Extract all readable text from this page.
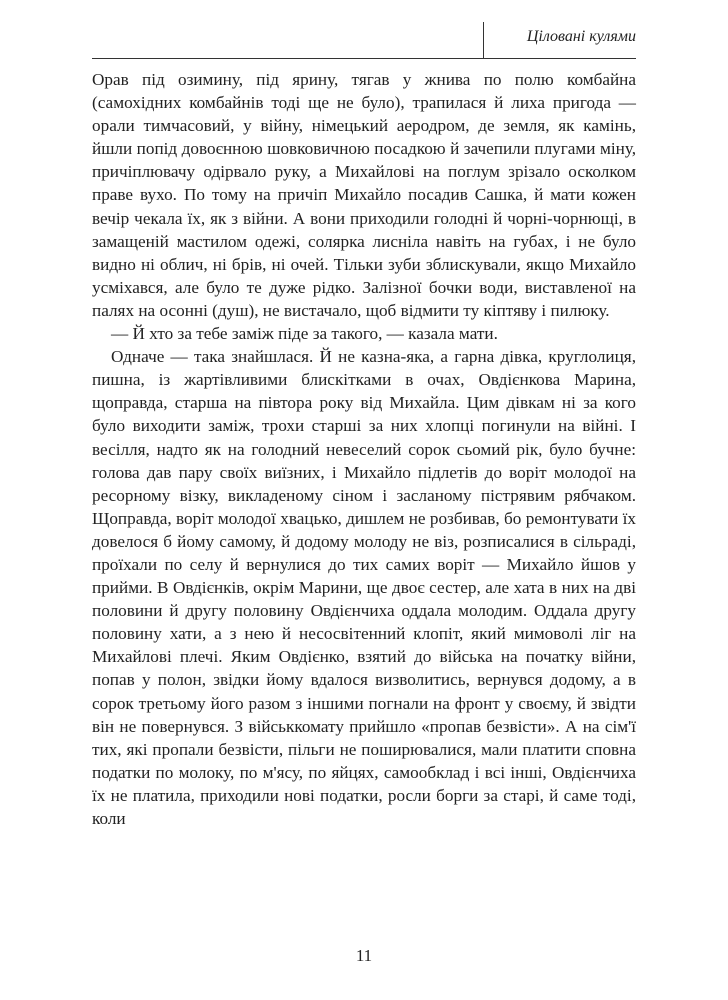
Ціловані кулями

Орав під озимину, під ярину, тягав у жнива по полю комбайна (самохідних комбайнів тоді ще не було), трапилася й лиха пригода — орали тимчасовий, у війну, німецький аеродром, де земля, як камінь, йшли попід довоєнною шовковичною посадкою й зачепили плугами міну, причіплювачу одірвало руку, а Михайлові на поглум зрізало осколком праве вухо. По тому на причіп Михайло посадив Сашка, й мати кожен вечір чекала їх, як з війни. А вони приходили голодні й чорні-чорнющі, в замащеній мастилом одежі, солярка лисніла навіть на губах, і не було видно ні облич, ні брів, ні очей. Тільки зуби зблискували, якщо Михайло усміхався, але було те дуже рідко. Залізної бочки води, виставленої на палях на осонні (душ), не вистачало, щоб відмити ту кіптяву і пилюку.

— Й хто за тебе заміж піде за такого, — казала мати.

Одначе — така знайшлася. Й не казна-яка, а гарна дівка, круглолиця, пишна, із жартівливими блискітками в очах, Овдієнкова Марина, щоправда, старша на півтора року від Михайла. Цим дівкам ні за кого було виходити заміж, трохи старші за них хлопці погинули на війні. І весілля, надто як на голодний невеселий сорок сьомий рік, було бучне: голова дав пару своїх виїзних, і Михайло підлетів до воріт молодої на ресорному візку, викладеному сіном і засланому пістрявим рябчаком. Щоправда, воріт молодої хвацько, дишлем не розбивав, бо ремонтувати їх довелося б йому самому, й додому молоду не віз, розписалися в сільраді, проїхали по селу й вернулися до тих самих воріт — Михайло йшов у прийми. В Овдієнків, окрім Марини, ще двоє сестер, але хата в них на дві половини й другу половину Овдієнчиха оддала молодим. Оддала другу половину хати, а з нею й несосвітенний клопіт, який мимоволі ліг на Михайлові плечі. Яким Овдієнко, взятий до війська на початку війни, попав у полон, звідки йому вдалося визволитись, вернувся додому, а в сорок третьому його разом з іншими погнали на фронт у своєму, й звідти він не повернувся. З військкомату прийшло «пропав безвісти». А на сім'ї тих, які пропали безвісти, пільги не поширювалися, мали платити сповна податки по молоку, по м'ясу, по яйцях, самообклад і всі інші, Овдієнчиха їх не платила, приходили нові податки, росли борги за старі, й саме тоді, коли

11
